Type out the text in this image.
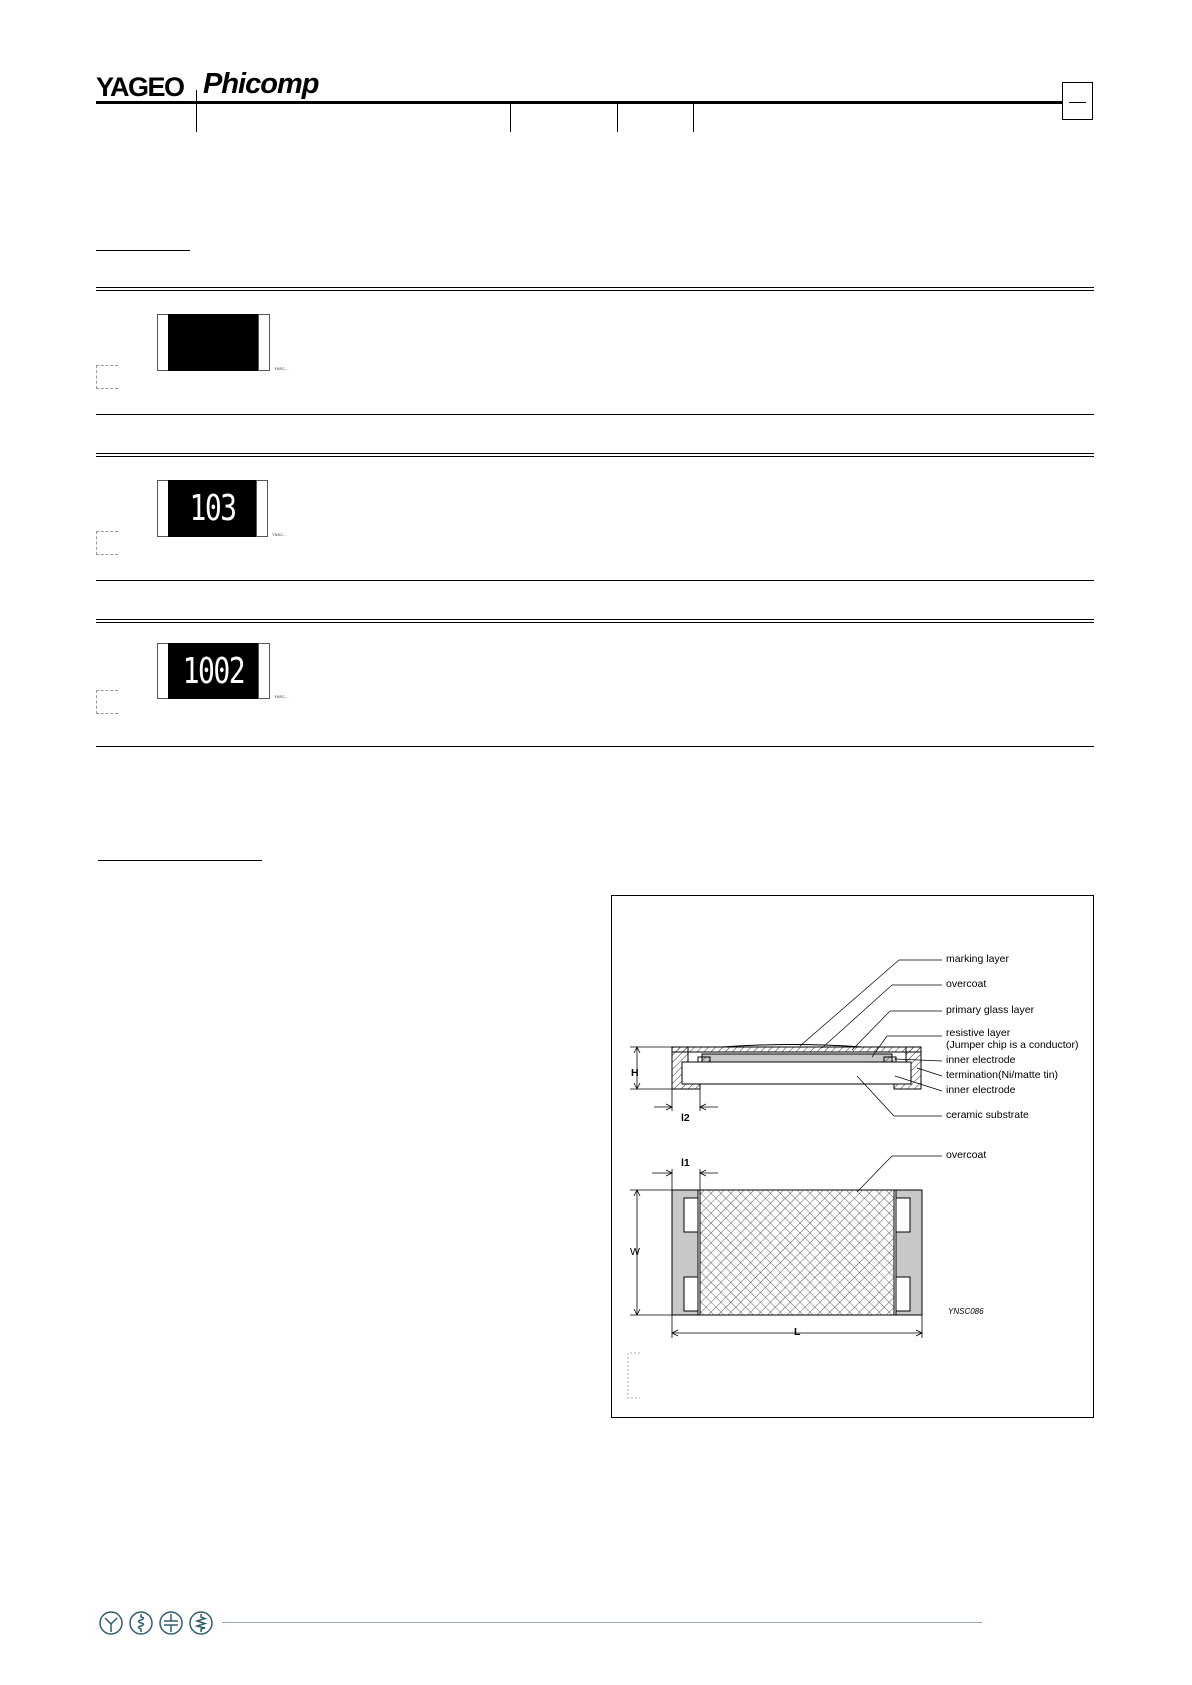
YAGEO Phicomp
YNSC...
103
YNSC...
1002
YNSC...
marking layer
overcoat
primary glass layer
resistive layer
(Jumper chip is a conductor)
inner electrode
termination(Ni/matte tin)
inner electrode
ceramic substrate
overcoat
H
l2
l1
W
L
YNSC086
